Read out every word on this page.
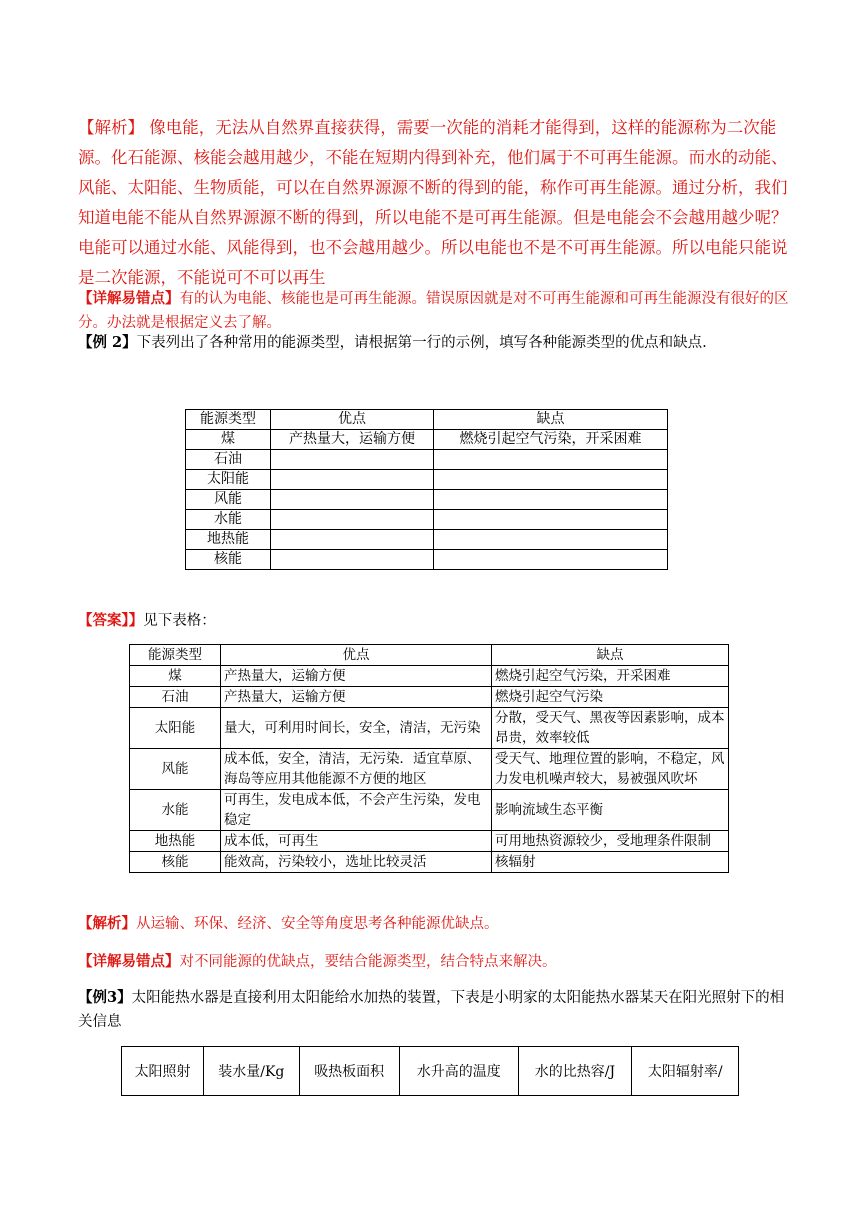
【解析】 像电能，无法从自然界直接获得，需要一次能的消耗才能得到，这样的能源称为二次能源。化石能源、核能会越用越少，不能在短期内得到补充，他们属于不可再生能源。而水的动能、风能、太阳能、生物质能，可以在自然界源源不断的得到的能，称作可再生能源。通过分析，我们知道电能不能从自然界源源不断的得到，所以电能不是可再生能源。但是电能会不会越用越少呢？电能可以通过水能、风能得到，也不会越用越少。所以电能也不是不可再生能源。所以电能只能说是二次能源，不能说可不可以再生

【详解易错点】有的认为电能、核能也是可再生能源。错误原因就是对不可再生能源和可再生能源没有很好的区分。办法就是根据定义去了解。

【例 2】下表列出了各种常用的能源类型，请根据第一行的示例，填写各种能源类型的优点和缺点.

能源类型	优点	缺点
煤	产热量大，运输方便	燃烧引起空气污染，开采困难
石油		
太阳能		
风能		
水能		
地热能		
核能		

【答案】】见下表格：

能源类型	优点	缺点
煤	产热量大，运输方便	燃烧引起空气污染，开采困难
石油	产热量大，运输方便	燃烧引起空气污染
太阳能	量大，可利用时间长，安全，清洁，无污染	分散，受天气、黑夜等因素影响，成本昂贵，效率较低
风能	成本低，安全，清洁，无污染．适宜草原、海岛等应用其他能源不方便的地区	受天气、地理位置的影响，不稳定，风力发电机噪声较大，易被强风吹坏
水能	可再生，发电成本低，不会产生污染，发电稳定	影响流域生态平衡
地热能	成本低，可再生	可用地热资源较少，受地理条件限制
核能	能效高，污染较小，选址比较灵活	核辐射

【解析】从运输、环保、经济、安全等角度思考各种能源优缺点。

【详解易错点】对不同能源的优缺点，要结合能源类型，结合特点来解决。

【例3】太阳能热水器是直接利用太阳能给水加热的装置，下表是小明家的太阳能热水器某天在阳光照射下的相关信息

太阳照射	装水量/Kg	吸热板面积	水升高的温度	水的比热容/J	太阳辐射率/
